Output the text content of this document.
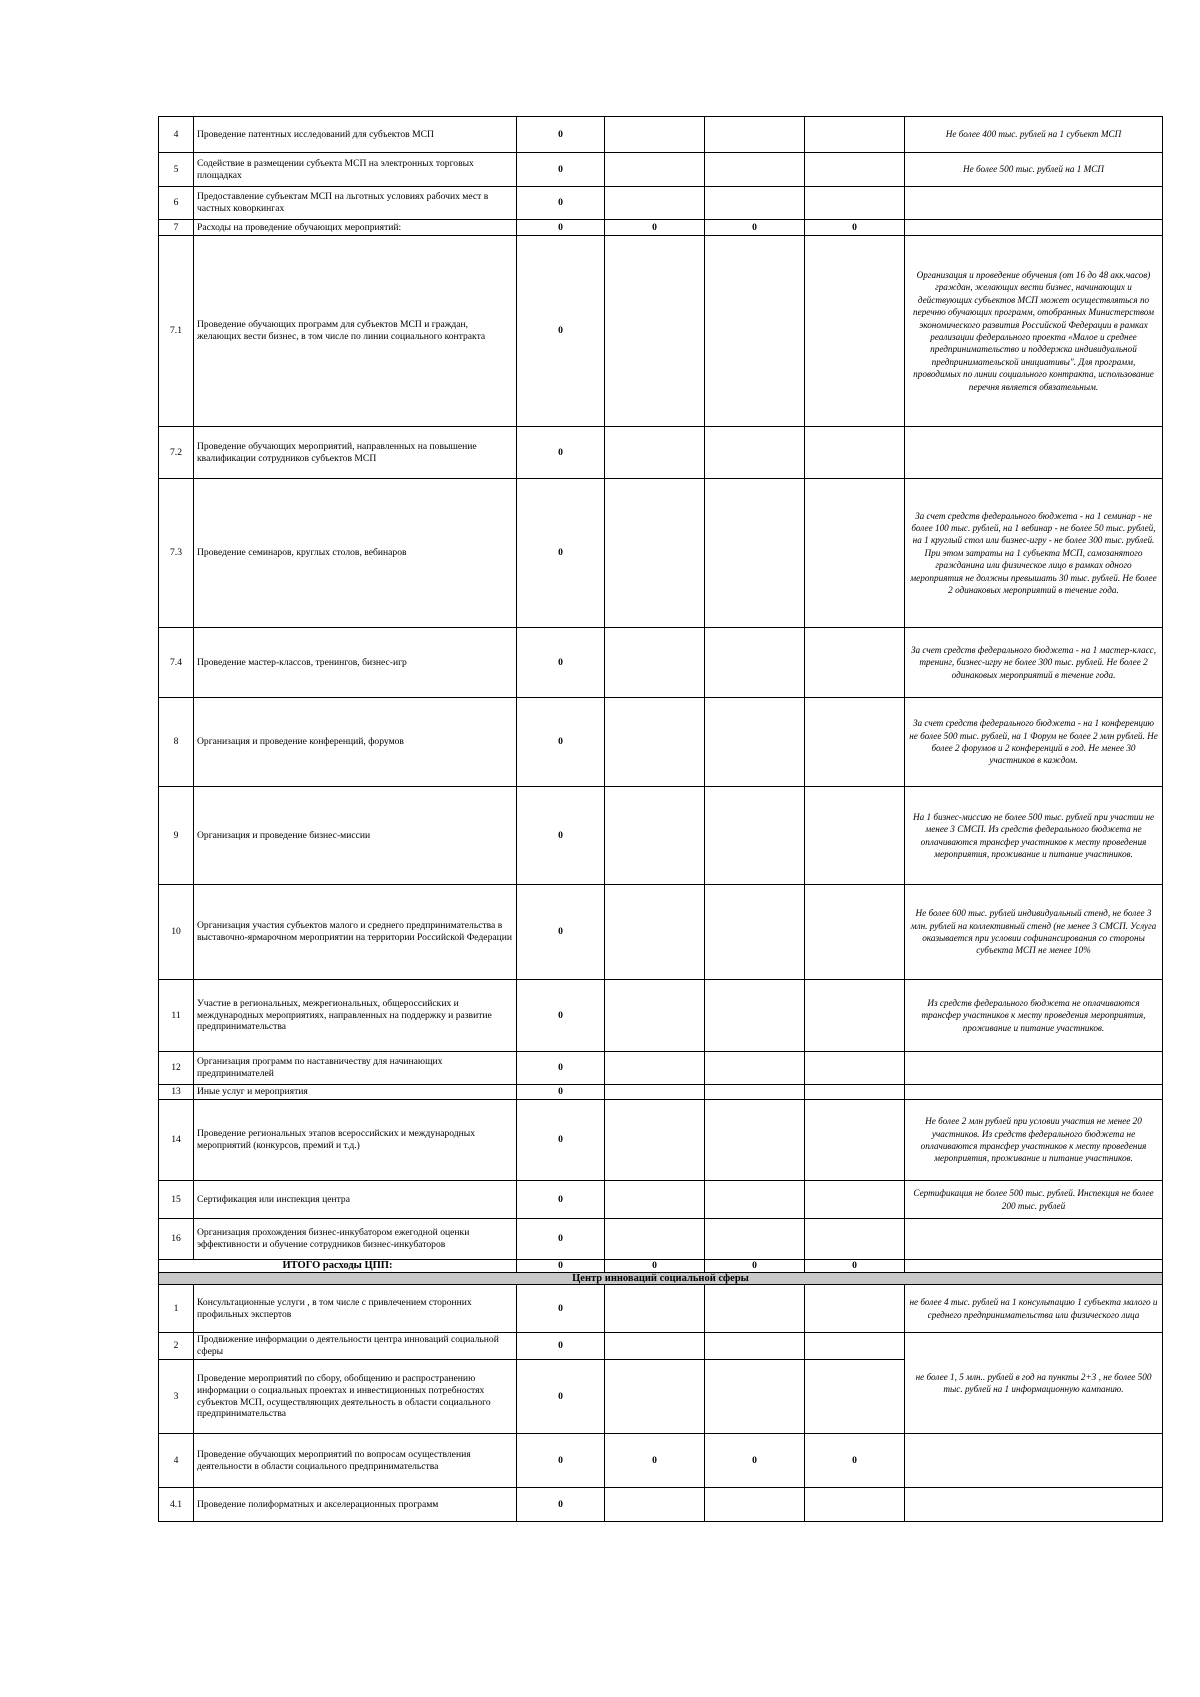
4	Проведение патентных исследований для субъектов МСП	0				Не более 400 тыс. рублей на 1 субъект МСП
5	Содействие в размещении субъекта МСП на электронных торговых площадках	0				Не более 500 тыс. рублей на 1 МСП
6	Предоставление субъектам МСП на льготных условиях рабочих мест в частных коворкингах	0				
7	Расходы на проведение обучающих мероприятий:	0	0	0	0	
7.1	Проведение обучающих программ для субъектов МСП и граждан, желающих вести бизнес, в том числе по линии социального контракта	0				Организация и проведение обучения (от 16 до 48 акк.часов) граждан, желающих вести бизнес, начинающих и действующих субъектов МСП может осуществляться по перечню обучающих программ, отобранных Министерством экономического развития Российской Федерации в рамках реализации федерального проекта «Малое и среднее предпринимательство и поддержка индивидуальной предпринимательской инициативы". Для программ, проводимых по линии социального контракта, использование перечня является обязательным.
7.2	Проведение обучающих мероприятий, направленных на повышение квалификации сотрудников субъектов МСП	0				
7.3	Проведение семинаров, круглых столов, вебинаров	0				За счет средств федерального бюджета - на 1 семинар - не более 100 тыс. рублей, на 1 вебинар - не более 50 тыс. рублей, на 1 круглый стол или бизнес-игру - не более 300 тыс. рублей. При этом затраты на 1 субъекта МСП, самозанятого гражданина или физическое лицо в рамках одного мероприятия не должны превышать 30 тыс. рублей. Не более 2 одинаковых мероприятий в течение года.
7.4	Проведение мастер-классов, тренингов, бизнес-игр	0				За счет средств федерального бюджета - на 1 мастер-класс, тренинг, бизнес-игру не более 300 тыс. рублей. Не более 2 одинаковых мероприятий в течение года.
8	Организация и проведение конференций, форумов	0				За счет средств федерального бюджета - на 1 конференцию не более 500 тыс. рублей, на 1 Форум не более 2 млн рублей. Не более 2 форумов и 2 конференций в год. Не менее 30 участников в каждом.
9	Организация и проведение бизнес-миссии	0				На 1 бизнес-миссию не более 500 тыс. рублей при участии не менее 3 СМСП. Из средств федерального бюджета не оплачиваются трансфер участников к месту проведения мероприятия, проживание и питание участников.
10	Организация участия субъектов малого и среднего предпринимательства в выставочно-ярмарочном мероприятии на территории Российской Федерации	0				Не более 600 тыс. рублей индивидуальный стенд, не более 3 млн. рублей на коллективный стенд (не менее 3 СМСП. Услуга оказывается при условии софинансирования со стороны субъекта МСП не менее 10%
11	Участие в региональных, межрегиональных, общероссийских и международных мероприятиях, направленных на поддержку и развитие предпринимательства	0				Из средств федерального бюджета не оплачиваются трансфер участников к месту проведения мероприятия, проживание и питание участников.
12	Организация программ по наставничеству для начинающих предпринимателей	0				
13	Иные услуг и мероприятия	0				
14	Проведение региональных этапов всероссийских и международных мероприятий (конкурсов, премий и т.д.)	0				Не более 2 млн рублей при условии участия не менее 20 участников. Из средств федерального бюджета не оплачиваются трансфер участников к месту проведения мероприятия, проживание и питание участников.
15	Сертификация или инспекция центра	0				Сертификация не более 500 тыс. рублей. Инспекция не более 200 тыс. рублей
16	Организация прохождения бизнес-инкубатором ежегодной оценки эффективности и обучение сотрудников бизнес-инкубаторов	0				
ИТОГО расходы ЦПП:		0	0	0	0	
Центр инноваций социальной сферы						
1	Консультационные услуги , в том числе с привлечением сторонних профильных экспертов	0				не более 4 тыс. рублей на 1 консультацию 1 субъекта малого и среднего предпринимательства или физического лица
2	Продвижение информации о деятельности центра инноваций социальной сферы	0				не более 1, 5 млн.. рублей в год на пункты 2+3 , не более 500 тыс. рублей на 1 информационную кампанию.
3	Проведение мероприятий по сбору, обобщению и распространению информации о социальных проектах и инвестиционных потребностях субъектов МСП, осуществляющих деятельность в области социального предпринимательства	0				
4	Проведение обучающих мероприятий по вопросам осуществления деятельности в области социального предпринимательства	0	0	0	0	
4.1	Проведение полиформатных и акселерационных программ	0				
